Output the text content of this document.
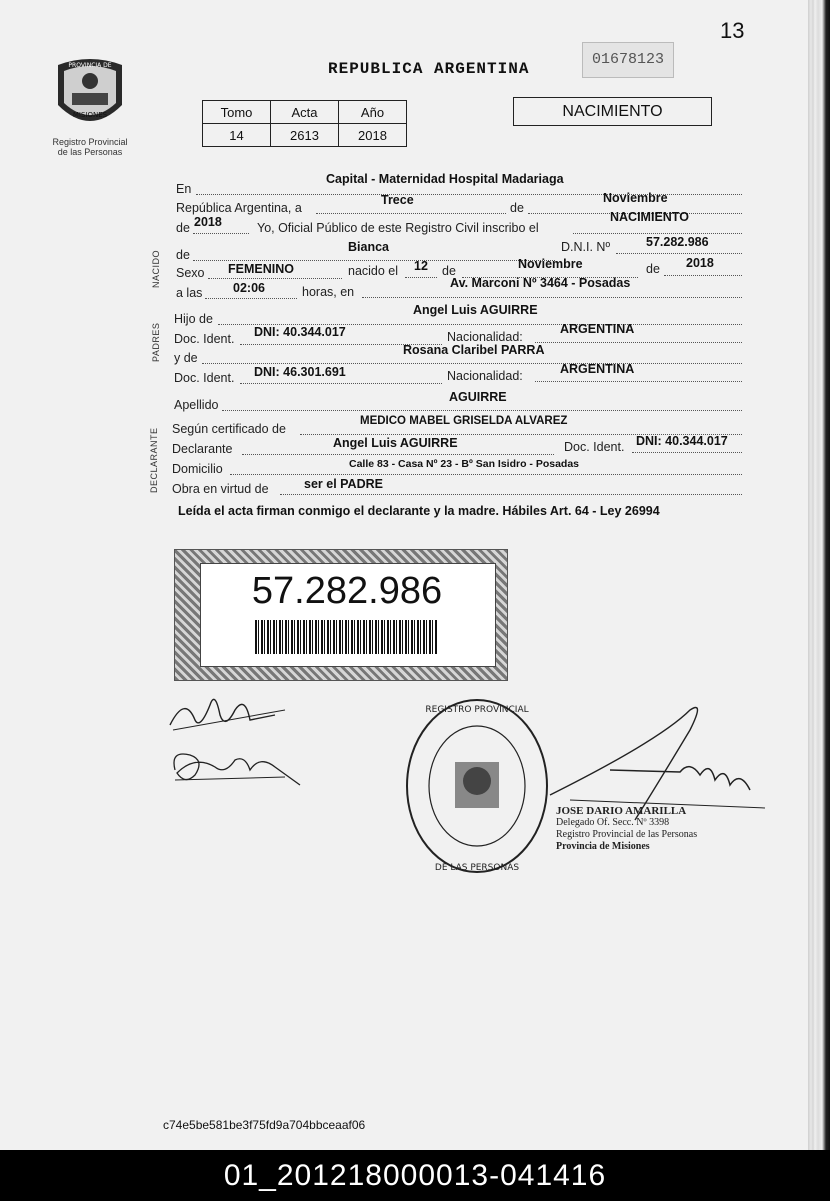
13
REPUBLICA ARGENTINA
01678123
PROVINCIA DE
MISIONES
Registro Provincial
de las Personas
Tomo	Acta	Año
14	2613	2018
NACIMIENTO
En
Capital - Maternidad Hospital Madariaga
República Argentina, a
Trece
de
Noviembre
de 2018	Yo, Oficial Público de este Registro Civil inscribo el
NACIMIENTO
NACIDO de
Bianca	D.N.I. Nº	57.282.986
Sexo FEMENINO	nacido el 12 de	Noviembre	de 2018
a las 02:06	horas, en
Av. Marconi Nº 3464 - Posadas
PADRES
Hijo de
Angel Luis AGUIRRE
Doc. Ident. DNI: 40.344.017	Nacionalidad:
ARGENTINA
y de
Rosana Claribel PARRA
Doc. Ident. DNI: 46.301.691	Nacionalidad:	ARGENTINA
Apellido
AGUIRRE
DECLARANTE Según certificado de
MEDICO MABEL GRISELDA ALVAREZ
Declarante	Angel Luis AGUIRRE	Doc. Ident. DNI: 40.344.017
Domicilio	Calle 83 - Casa Nº 23 - Bº San Isidro - Posadas
Obra en virtud de	ser el PADRE
Leída el acta firman conmigo el declarante y la madre. Hábiles Art. 64 - Ley 26994
57.282.986
REGISTRO PROVINCIAL
DE LAS PERSONAS
JOSE DARIO AMARILLA
Delegado Of. Secc. Nº 3398
Registro Provincial de las Personas
Provincia de Misiones
c74e5be581be3f75fd9a704bbceaaf06
01_201218000013-041416
